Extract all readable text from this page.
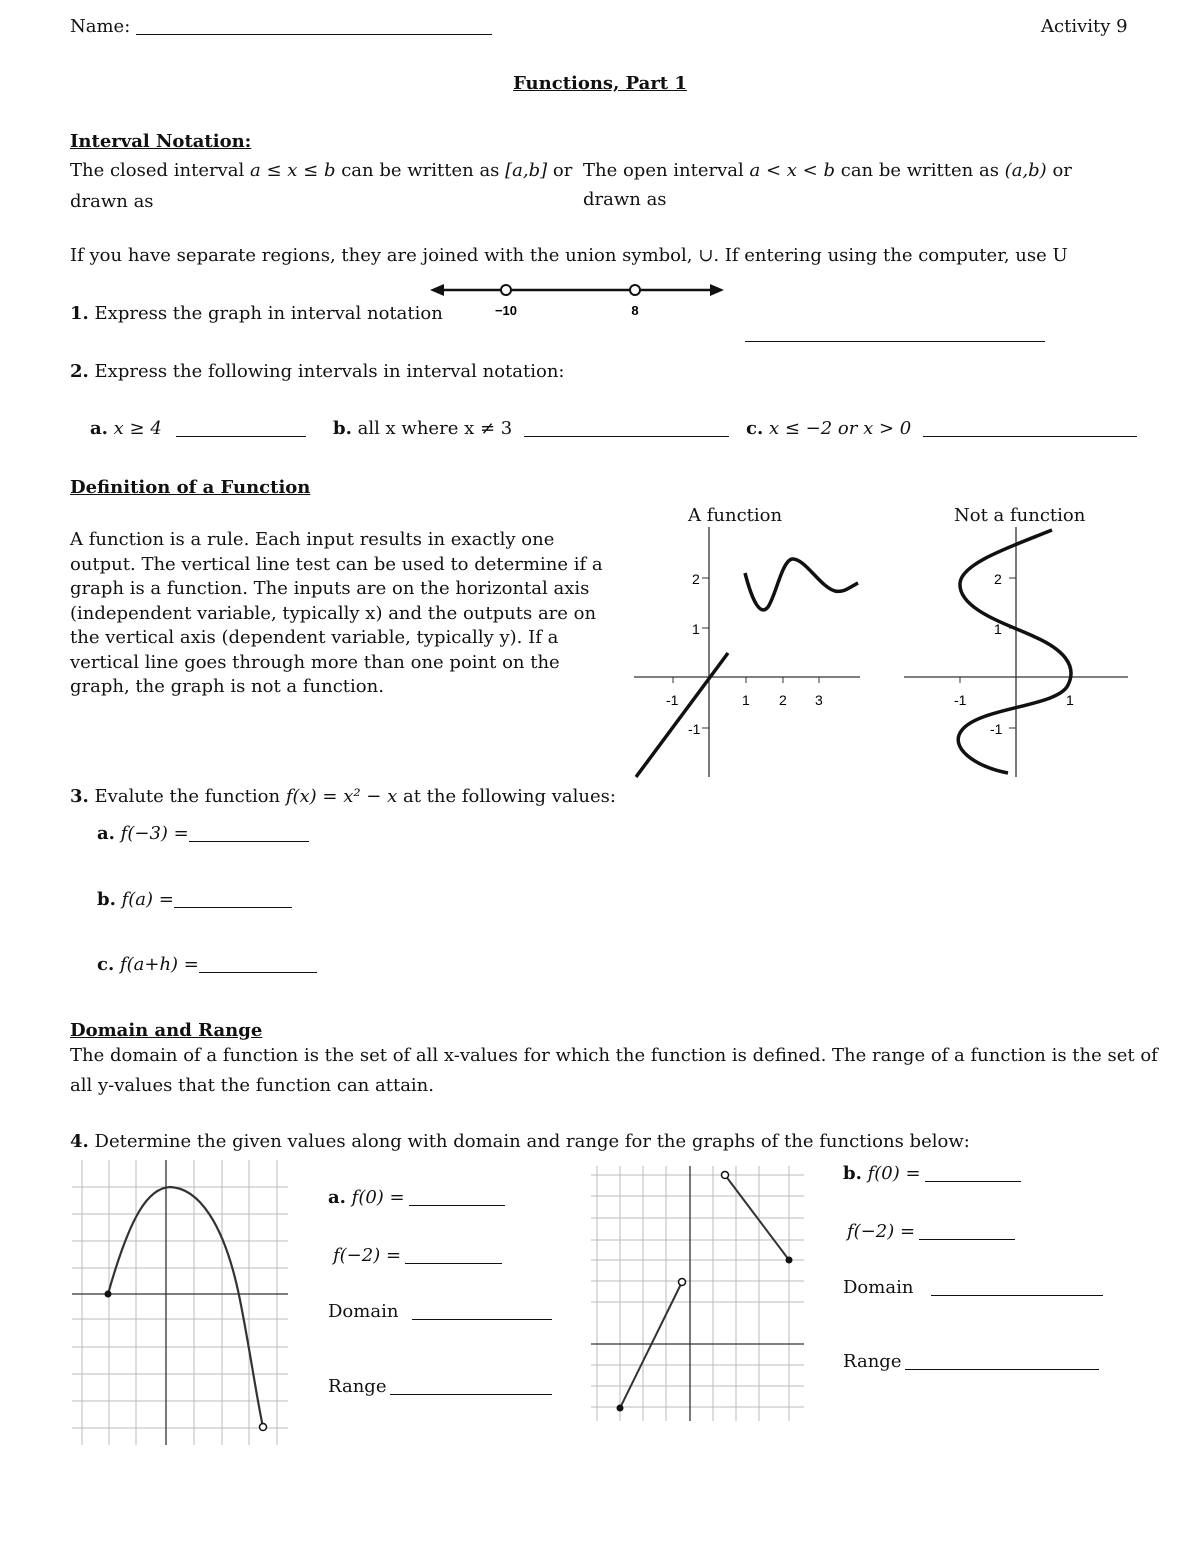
Name:	Activity 9
Functions, Part 1
Interval Notation:
The closed interval a ≤ x ≤ b can be written as [a,b] or
drawn as
The open interval a < x < b can be written as (a,b) or
drawn as
If you have separate regions, they are joined with the union symbol, ∪. If entering using the computer, use U
1. Express the graph in interval notation	−10	8
2. Express the following intervals in interval notation:
a. x ≥ 4	b. all x where x ≠ 3	c. x ≤ −2 or x > 0
Definition of a Function
A function is a rule. Each input results in exactly one output. The vertical line test can be used to determine if a graph is a function. The inputs are on the horizontal axis (independent variable, typically x) and the outputs are on the vertical axis (dependent variable, typically y). If a vertical line goes through more than one point on the graph, the graph is not a function.
A function	Not a function
2
1
-1
-1	1 2 3
2
1
-1
-1	1
3. Evalute the function f(x) = x² − x at the following values:
a. f(−3) =
b. f(a) =
c. f(a+h) =
Domain and Range
The domain of a function is the set of all x-values for which the function is defined. The range of a function is the set of
all y-values that the function can attain.
4. Determine the given values along with domain and range for the graphs of the functions below:
a. f(0) =
f(−2) =
Domain
Range
b. f(0) =
f(−2) =
Domain
Range
